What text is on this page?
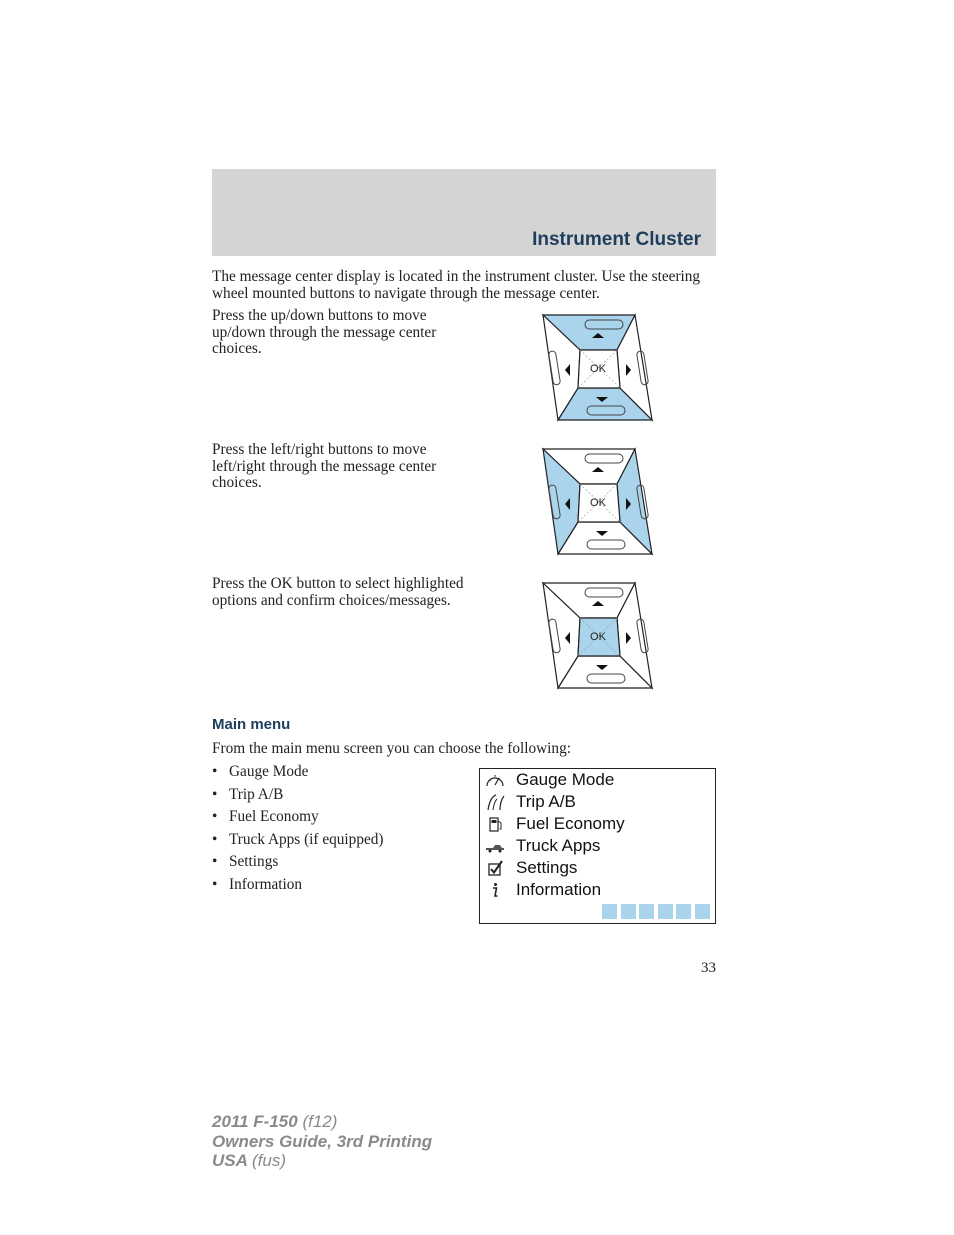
Instrument Cluster
The message center display is located in the instrument cluster. Use the steering wheel mounted buttons to navigate through the message center.
Press the up/down buttons to move up/down through the message center choices.
OK
Press the left/right buttons to move left/right through the message center choices.
OK
Press the OK button to select highlighted options and confirm choices/messages.
OK
Main menu
From the main menu screen you can choose the following:
• Gauge Mode
• Trip A/B
• Fuel Economy
• Truck Apps (if equipped)
• Settings
• Information
Gauge Mode
Trip A/B
Fuel Economy
Truck Apps
Settings
Information
33
2011 F-150 (f12)
Owners Guide, 3rd Printing
USA (fus)
